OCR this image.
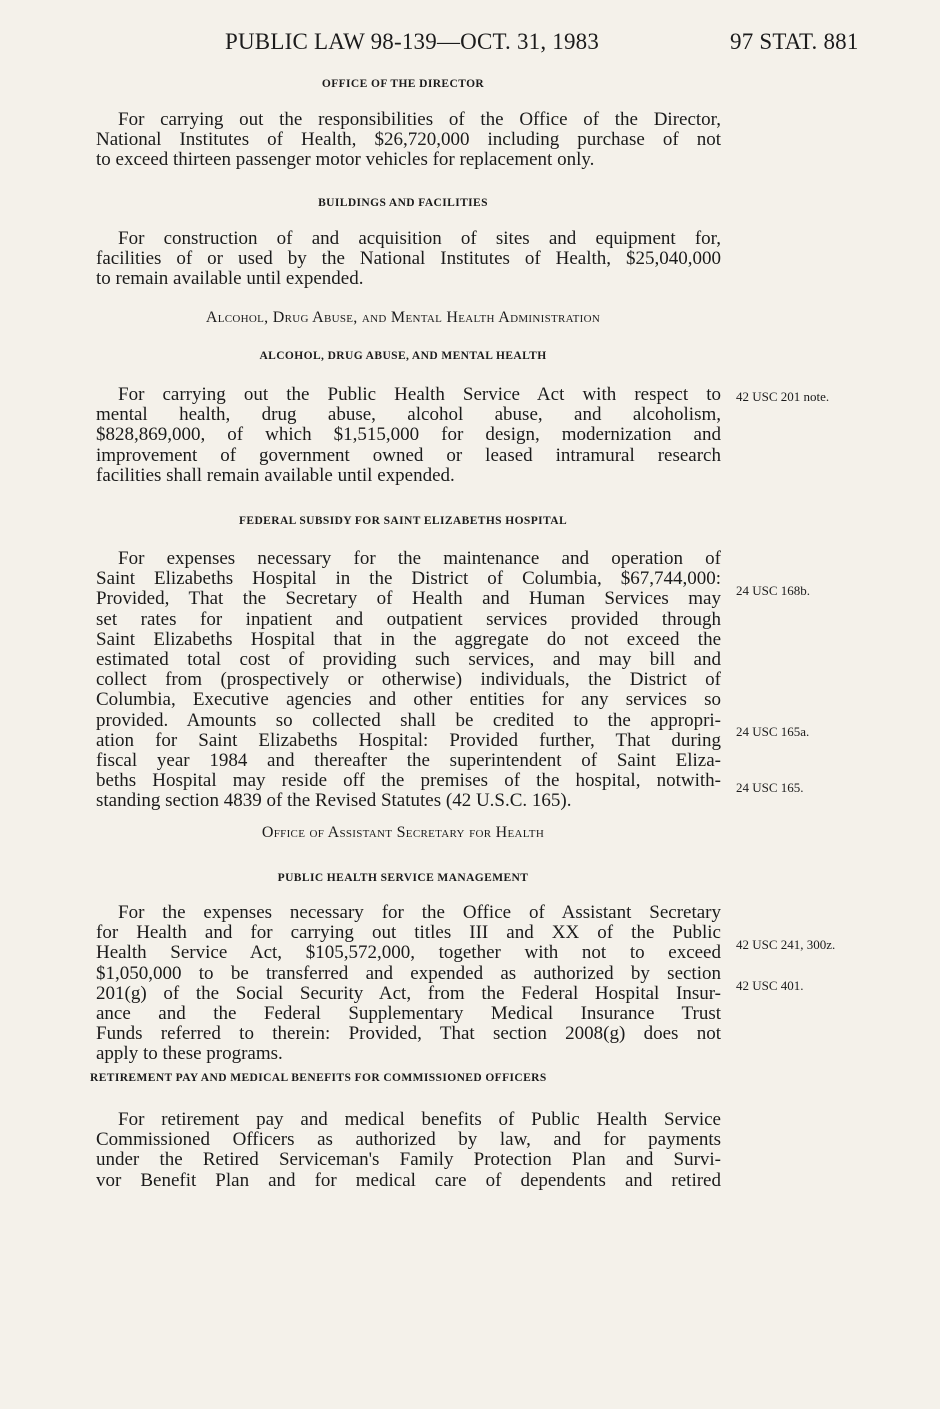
PUBLIC LAW 98-139—OCT. 31, 1983	97 STAT. 881
OFFICE OF THE DIRECTOR
For carrying out the responsibilities of the Office of the Director,
National Institutes of Health, $26,720,000 including purchase of not
to exceed thirteen passenger motor vehicles for replacement only.
BUILDINGS AND FACILITIES
For construction of and acquisition of sites and equipment for,
facilities of or used by the National Institutes of Health, $25,040,000
to remain available until expended.
Alcohol, Drug Abuse, and Mental Health Administration
ALCOHOL, DRUG ABUSE, AND MENTAL HEALTH
For carrying out the Public Health Service Act with respect to
mental health, drug abuse, alcohol abuse, and alcoholism,
$828,869,000, of which $1,515,000 for design, modernization and
improvement of government owned or leased intramural research
facilities shall remain available until expended.
42 USC 201 note.
FEDERAL SUBSIDY FOR SAINT ELIZABETHS HOSPITAL
For expenses necessary for the maintenance and operation of
Saint Elizabeths Hospital in the District of Columbia, $67,744,000:
Provided, That the Secretary of Health and Human Services may
set rates for inpatient and outpatient services provided through
Saint Elizabeths Hospital that in the aggregate do not exceed the
estimated total cost of providing such services, and may bill and
collect from (prospectively or otherwise) individuals, the District of
Columbia, Executive agencies and other entities for any services so
provided. Amounts so collected shall be credited to the appropri-
ation for Saint Elizabeths Hospital: Provided further, That during
fiscal year 1984 and thereafter the superintendent of Saint Eliza-
beths Hospital may reside off the premises of the hospital, notwith-
standing section 4839 of the Revised Statutes (42 U.S.C. 165).
24 USC 168b.
24 USC 165a.
24 USC 165.
Office of Assistant Secretary for Health
PUBLIC HEALTH SERVICE MANAGEMENT
For the expenses necessary for the Office of Assistant Secretary
for Health and for carrying out titles III and XX of the Public
Health Service Act, $105,572,000, together with not to exceed
$1,050,000 to be transferred and expended as authorized by section
201(g) of the Social Security Act, from the Federal Hospital Insur-
ance and the Federal Supplementary Medical Insurance Trust
Funds referred to therein: Provided, That section 2008(g) does not
apply to these programs.
42 USC 241, 300z.
42 USC 401.
RETIREMENT PAY AND MEDICAL BENEFITS FOR COMMISSIONED OFFICERS
For retirement pay and medical benefits of Public Health Service
Commissioned Officers as authorized by law, and for payments
under the Retired Serviceman's Family Protection Plan and Survi-
vor Benefit Plan and for medical care of dependents and retired
